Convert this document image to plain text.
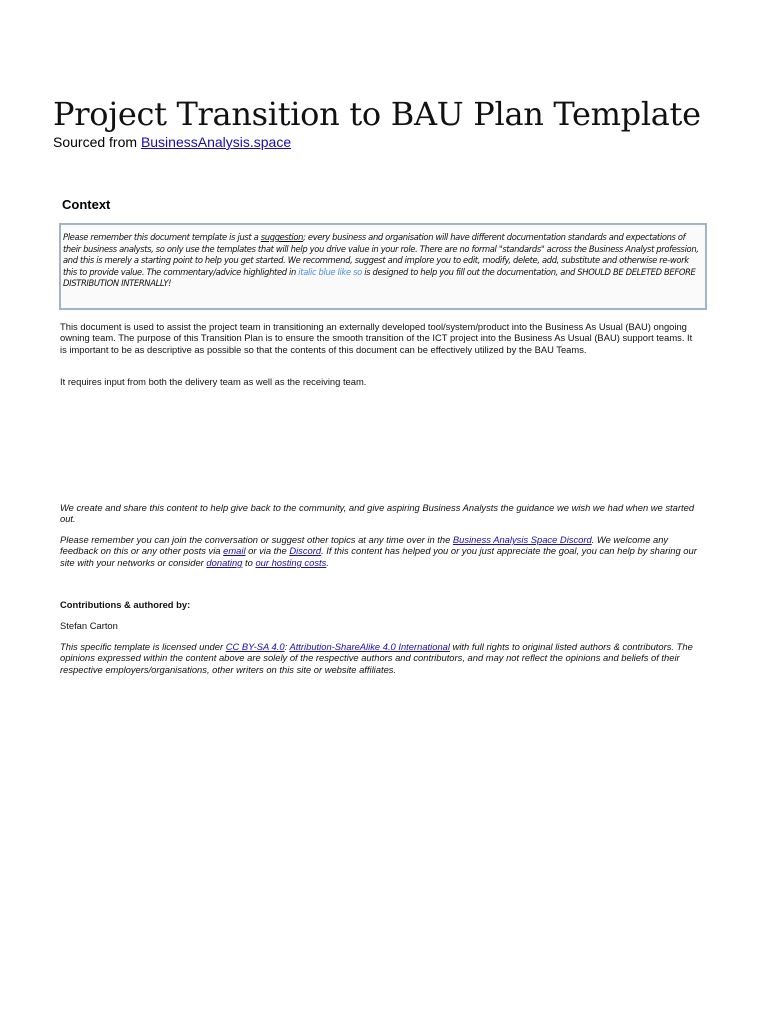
Project Transition to BAU Plan Template
Sourced from BusinessAnalysis.space
Context
Please remember this document template is just a suggestion; every business and organisation will have different documentation standards and expectations of their business analysts, so only use the templates that will help you drive value in your role. There are no formal "standards" across the Business Analyst profession, and this is merely a starting point to help you get started. We recommend, suggest and implore you to edit, modify, delete, add, substitute and otherwise re-work this to provide value. The commentary/advice highlighted in italic blue like so is designed to help you fill out the documentation, and SHOULD BE DELETED BEFORE DISTRIBUTION INTERNALLY!

This document is used to assist the project team in transitioning an externally developed tool/system/product into the Business As Usual (BAU) ongoing owning team. The purpose of this Transition Plan is to ensure the smooth transition of the ICT project into the Business As Usual (BAU) support teams. It is important to be as descriptive as possible so that the contents of this document can be effectively utilized by the BAU Teams.

It requires input from both the delivery team as well as the receiving team.

We create and share this content to help give back to the community, and give aspiring Business Analysts the guidance we wish we had when we started out.

Please remember you can join the conversation or suggest other topics at any time over in the Business Analysis Space Discord. We welcome any feedback on this or any other posts via email or via the Discord. If this content has helped you or you just appreciate the goal, you can help by sharing our site with your networks or consider donating to our hosting costs.

Contributions & authored by:

Stefan Carton

This specific template is licensed under CC BY-SA 4.0: Attribution-ShareAlike 4.0 International with full rights to original listed authors & contributors. The opinions expressed within the content above are solely of the respective authors and contributors, and may not reflect the opinions and beliefs of their respective employers/organisations, other writers on this site or website affiliates.
